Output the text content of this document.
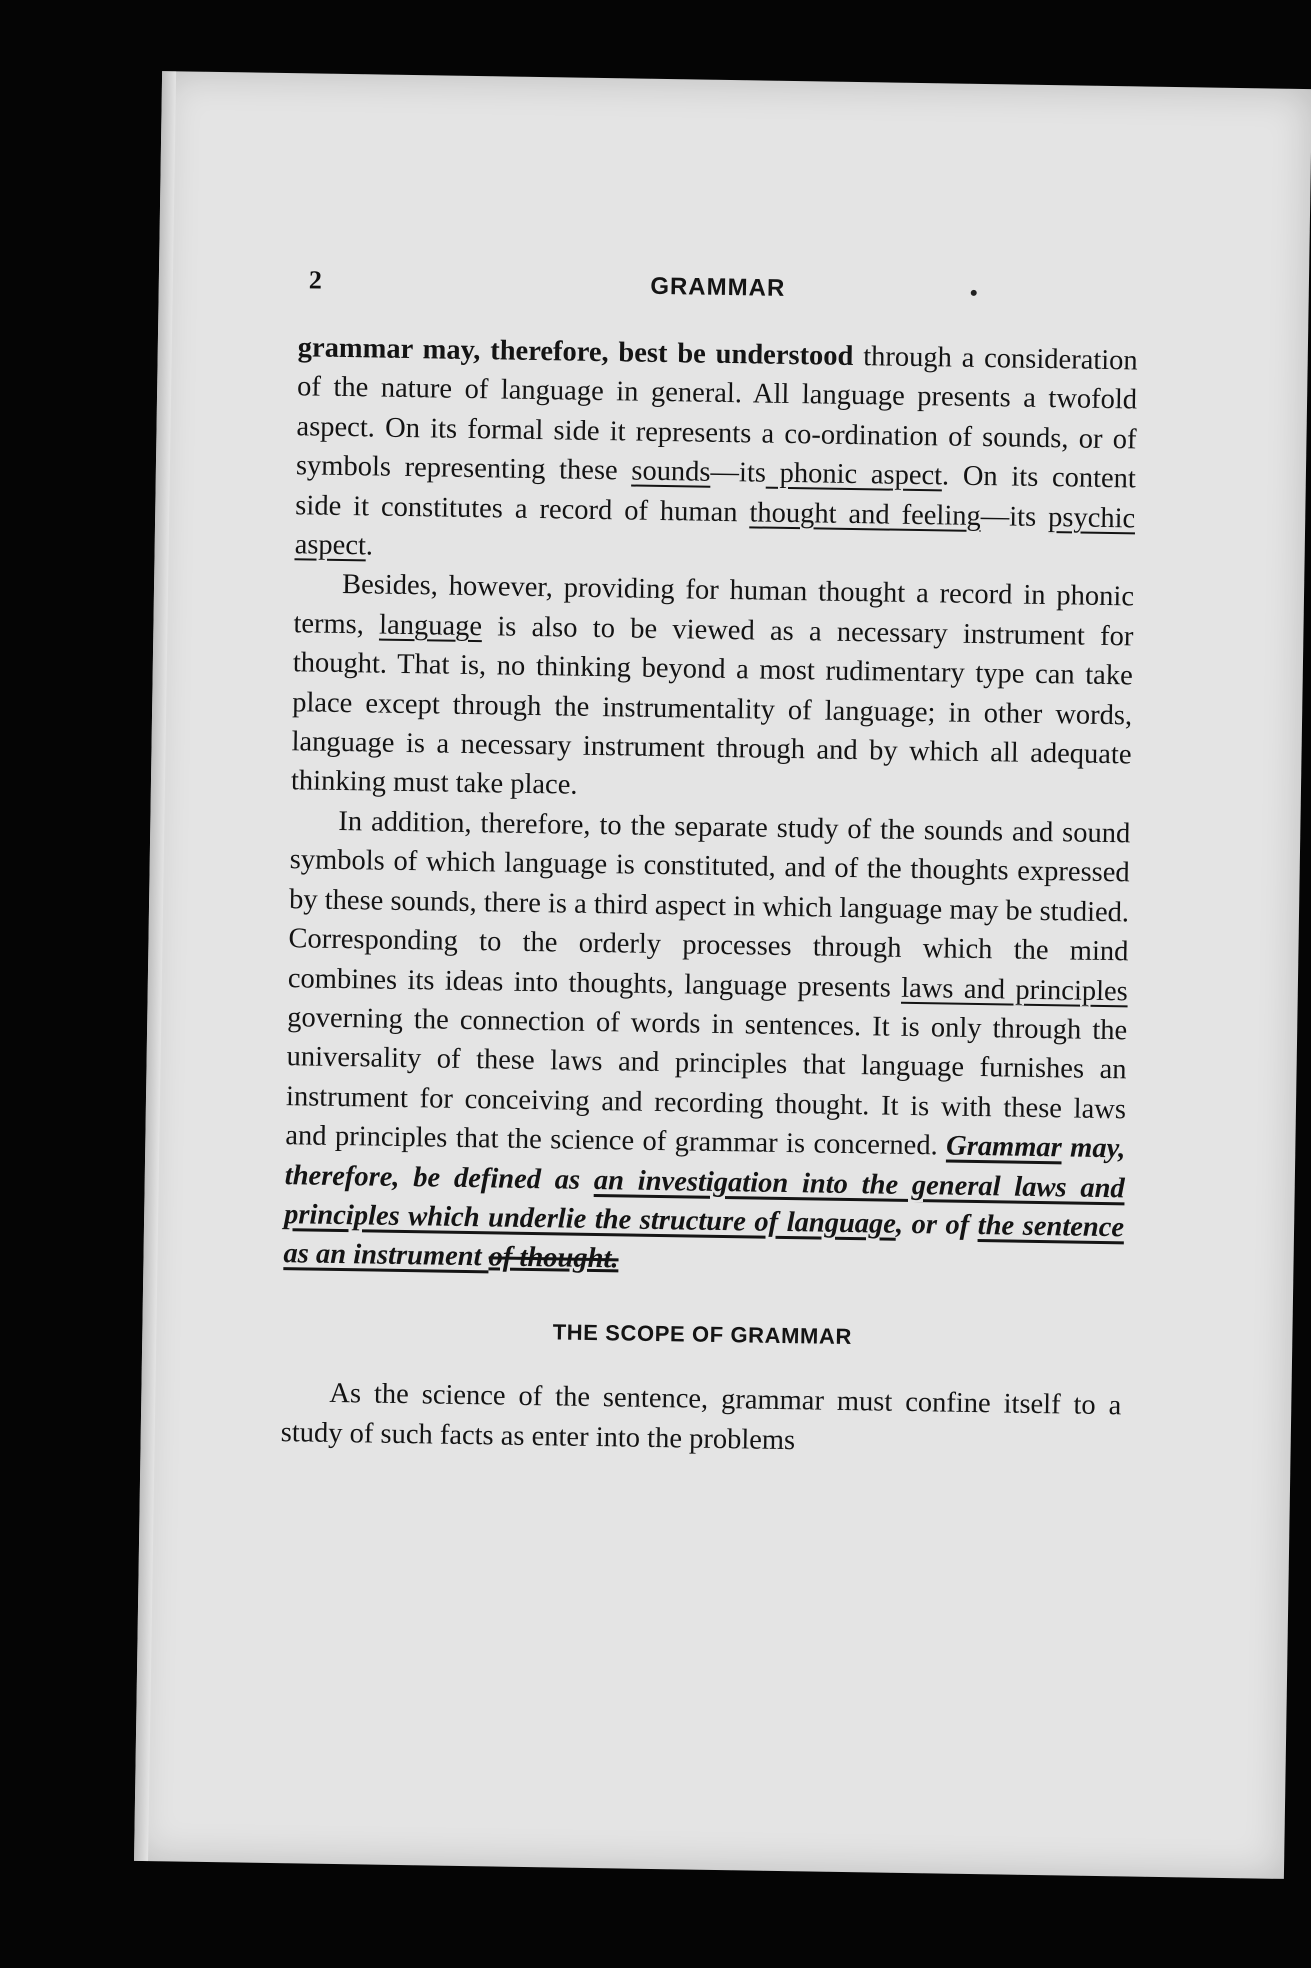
2	GRAMMAR

grammar may, therefore, best be understood through a consideration of the nature of language in general. All language presents a twofold aspect. On its formal side it represents a co-ordination of sounds, or of symbols representing these sounds—its phonic aspect. On its content side it constitutes a record of human thought and feeling—its psychic aspect.

Besides, however, providing for human thought a record in phonic terms, language is also to be viewed as a necessary instrument for thought. That is, no thinking beyond a most rudimentary type can take place except through the instrumentality of language; in other words, language is a necessary instrument through and by which all adequate thinking must take place.

In addition, therefore, to the separate study of the sounds and sound symbols of which language is constituted, and of the thoughts expressed by these sounds, there is a third aspect in which language may be studied. Corresponding to the orderly processes through which the mind combines its ideas into thoughts, language presents laws and principles governing the connection of words in sentences. It is only through the universality of these laws and principles that language furnishes an instrument for conceiving and recording thought. It is with these laws and principles that the science of grammar is concerned. Grammar may, therefore, be defined as an investigation into the general laws and principles which underlie the structure of language, or of the sentence as an instrument of thought.

THE SCOPE OF GRAMMAR

As the science of the sentence, grammar must confine itself to a study of such facts as enter into the problems
